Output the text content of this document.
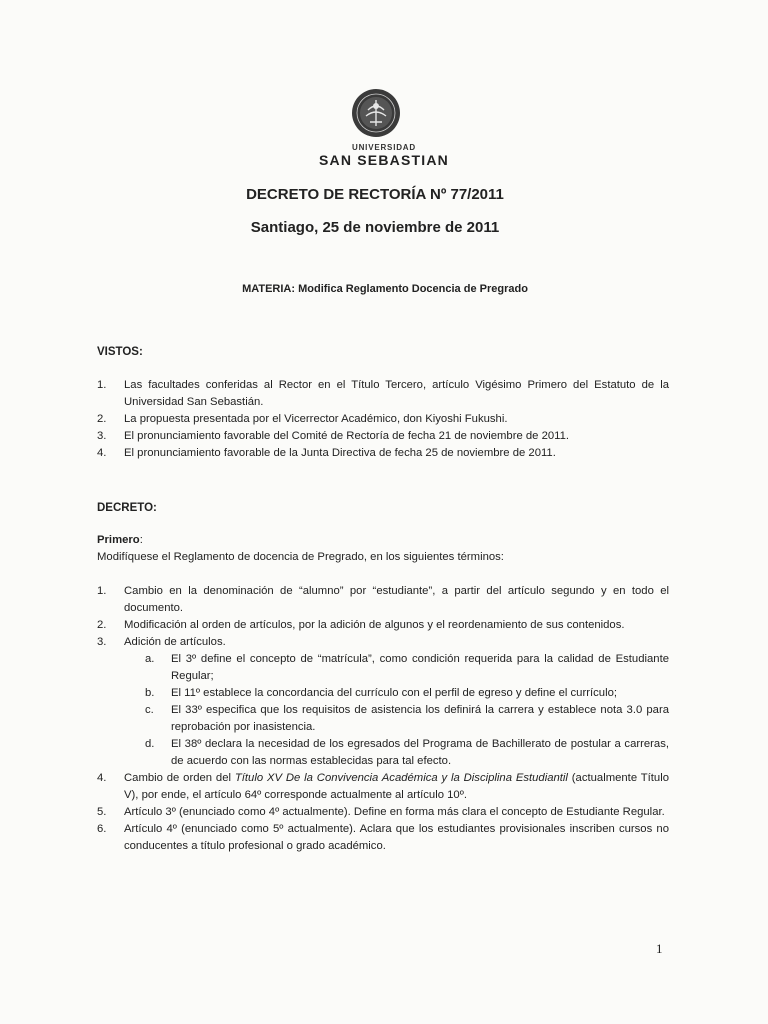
UNIVERSIDAD
SAN SEBASTIAN
DECRETO DE RECTORÍA Nº 77/2011
Santiago, 25 de noviembre de 2011
MATERIA: Modifica Reglamento Docencia de Pregrado
VISTOS:
1.	Las facultades conferidas al Rector en el Título Tercero, artículo Vigésimo Primero del Estatuto de la Universidad San Sebastián.
2.	La propuesta presentada por el Vicerrector Académico, don Kiyoshi Fukushi.
3.	El pronunciamiento favorable del Comité de Rectoría de fecha 21 de noviembre de 2011.
4.	El pronunciamiento favorable de la Junta Directiva de fecha 25 de noviembre de 2011.
DECRETO:
Primero:
Modifíquese el Reglamento de docencia de Pregrado, en los siguientes términos:
1.	Cambio en la denominación de “alumno” por “estudiante”, a partir del artículo segundo y en todo el documento.
2.	Modificación al orden de artículos, por la adición de algunos y el reordenamiento de sus contenidos.
3.	Adición de artículos.
a.	El 3º define el concepto de “matrícula”, como condición requerida para la calidad de Estudiante Regular;
b.	El 11º establece la concordancia del currículo con el perfil de egreso y define el currículo;
c.	El 33º especifica que los requisitos de asistencia los definirá la carrera y establece nota 3.0 para reprobación por inasistencia.
d.	El 38º declara la necesidad de los egresados del Programa de Bachillerato de postular a carreras, de acuerdo con las normas establecidas para tal efecto.
4.	Cambio de orden del Título XV De la Convivencia Académica y la Disciplina Estudiantil (actualmente Título V), por ende, el artículo 64º corresponde actualmente al artículo 10º.
5.	Artículo 3º (enunciado como 4º actualmente). Define en forma más clara el concepto de Estudiante Regular.
6.	Artículo 4º (enunciado como 5º actualmente). Aclara que los estudiantes provisionales inscriben cursos no conducentes a título profesional o grado académico.
1
